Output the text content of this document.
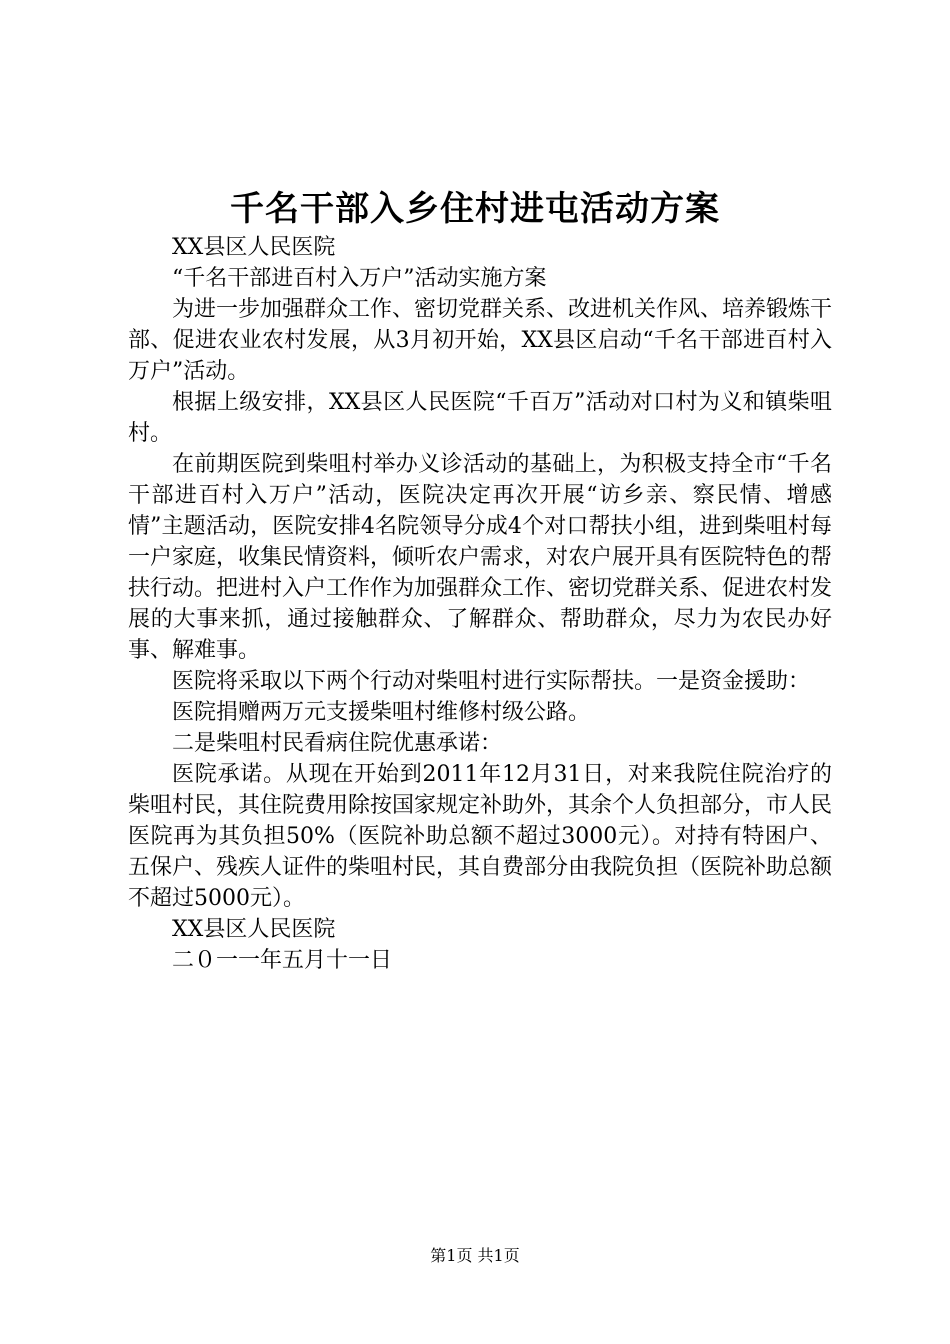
千名干部入乡住村进屯活动方案

XX县区人民医院

“千名干部进百村入万户”活动实施方案

为进一步加强群众工作、密切党群关系、改进机关作风、培养锻炼干部、促进农业农村发展，从3月初开始，XX县区启动“千名干部进百村入万户”活动。

根据上级安排，XX县区人民医院“千百万”活动对口村为义和镇柴咀村。

在前期医院到柴咀村举办义诊活动的基础上，为积极支持全市“千名干部进百村入万户”活动，医院决定再次开展“访乡亲、察民情、增感情”主题活动，医院安排4名院领导分成4个对口帮扶小组，进到柴咀村每一户家庭，收集民情资料，倾听农户需求，对农户展开具有医院特色的帮扶行动。把进村入户工作作为加强群众工作、密切党群关系、促进农村发展的大事来抓，通过接触群众、了解群众、帮助群众，尽力为农民办好事、解难事。

医院将采取以下两个行动对柴咀村进行实际帮扶。一是资金援助：

医院捐赠两万元支援柴咀村维修村级公路。

二是柴咀村民看病住院优惠承诺：

医院承诺。从现在开始到2011年12月31日，对来我院住院治疗的柴咀村民，其住院费用除按国家规定补助外，其余个人负担部分，市人民医院再为其负担50%（医院补助总额不超过3000元）。对持有特困户、五保户、残疾人证件的柴咀村民，其自费部分由我院负担（医院补助总额不超过5000元）。

XX县区人民医院

二０一一年五月十一日

第1页 共1页
